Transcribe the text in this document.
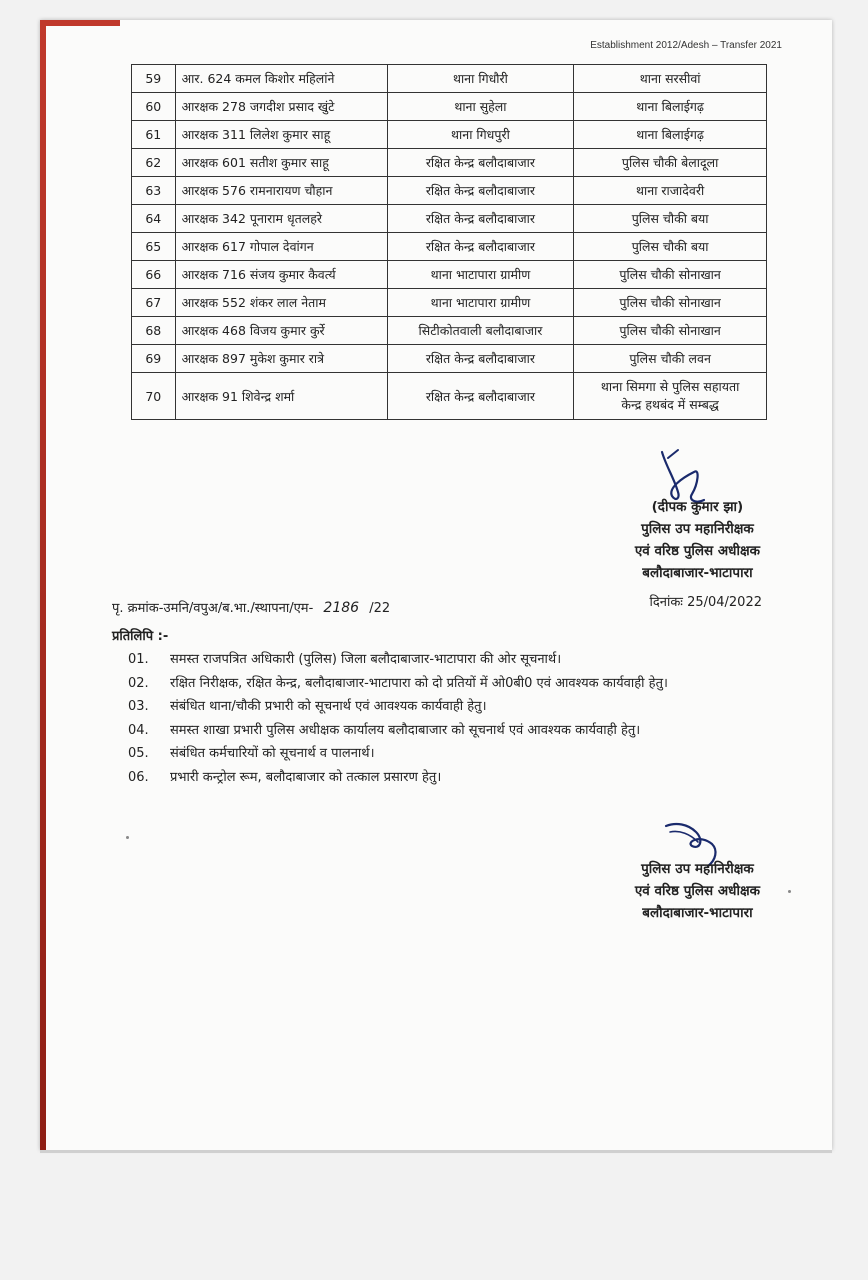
Establishment 2012/Adesh – Transfer 2021
59	आर. 624 कमल किशोर महिलांने	थाना गिधौरी	थाना सरसीवां
60	आरक्षक 278 जगदीश प्रसाद खुंटे	थाना सुहेला	थाना बिलाईगढ़
61	आरक्षक 311 लिलेश कुमार साहू	थाना गिधपुरी	थाना बिलाईगढ़
62	आरक्षक 601 सतीश कुमार साहू	रक्षित केन्द्र बलौदाबाजार	पुलिस चौकी बेलादूला
63	आरक्षक 576 रामनारायण चौहान	रक्षित केन्द्र बलौदाबाजार	थाना राजादेवरी
64	आरक्षक 342 पूनाराम धृतलहरे	रक्षित केन्द्र बलौदाबाजार	पुलिस चौकी बया
65	आरक्षक 617 गोपाल देवांगन	रक्षित केन्द्र बलौदाबाजार	पुलिस चौकी बया
66	आरक्षक 716 संजय कुमार कैवर्त्य	थाना भाटापारा ग्रामीण	पुलिस चौकी सोनाखान
67	आरक्षक 552 शंकर लाल नेताम	थाना भाटापारा ग्रामीण	पुलिस चौकी सोनाखान
68	आरक्षक 468 विजय कुमार कुर्रे	सिटीकोतवाली बलौदाबाजार	पुलिस चौकी सोनाखान
69	आरक्षक 897 मुकेश कुमार रात्रे	रक्षित केन्द्र बलौदाबाजार	पुलिस चौकी लवन
70	आरक्षक 91 शिवेन्द्र शर्मा	रक्षित केन्द्र बलौदाबाजार	थाना सिमगा से पुलिस सहायता
केन्द्र हथबंद में सम्बद्ध
(दीपक कुमार झा)
पुलिस उप महानिरीक्षक
एवं वरिष्ठ पुलिस अधीक्षक
बलौदाबाजार-भाटापारा
पृ. क्रमांक-उमनि/वपुअ/ब.भा./स्थापना/एम- 2186 /22	दिनांकः 25/04/2022
प्रतिलिपि :-
01. समस्त राजपत्रित अधिकारी (पुलिस) जिला बलौदाबाजार-भाटापारा की ओर सूचनार्थ।
02. रक्षित निरीक्षक, रक्षित केन्द्र, बलौदाबाजार-भाटापारा को दो प्रतियों में ओ0बी0 एवं आवश्यक कार्यवाही हेतु।
03. संबंधित थाना/चौकी प्रभारी को सूचनार्थ एवं आवश्यक कार्यवाही हेतु।
04. समस्त शाखा प्रभारी पुलिस अधीक्षक कार्यालय बलौदाबाजार को सूचनार्थ एवं आवश्यक कार्यवाही हेतु।
05. संबंधित कर्मचारियों को सूचनार्थ व पालनार्थ।
06. प्रभारी कन्ट्रोल रूम, बलौदाबाजार को तत्काल प्रसारण हेतु।
पुलिस उप महानिरीक्षक
एवं वरिष्ठ पुलिस अधीक्षक
बलौदाबाजार-भाटापारा
